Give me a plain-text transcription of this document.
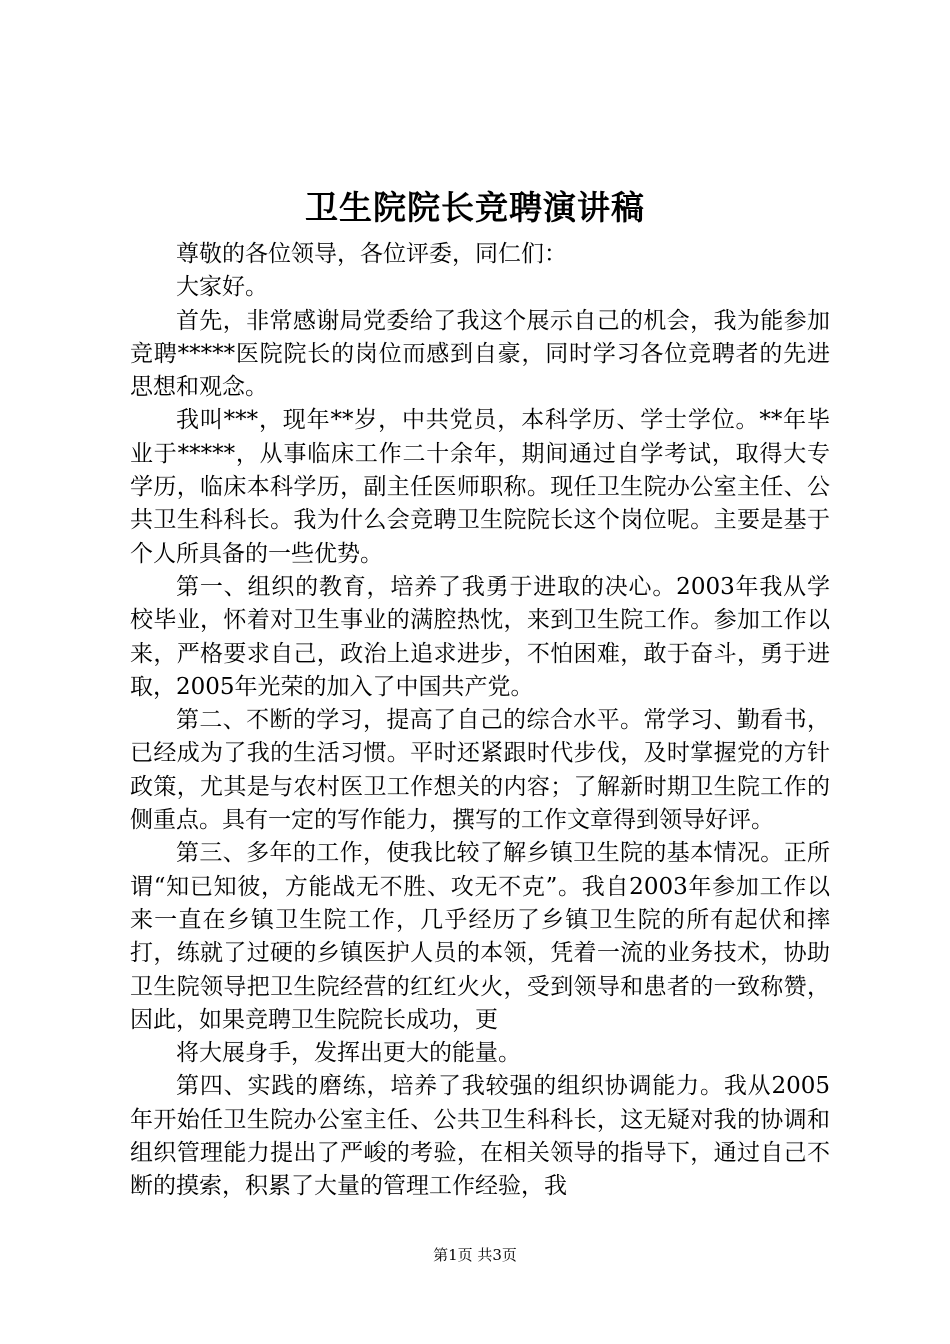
卫生院院长竞聘演讲稿

尊敬的各位领导，各位评委，同仁们：

大家好。

首先，非常感谢局党委给了我这个展示自己的机会，我为能参加竞聘*****医院院长的岗位而感到自豪，同时学习各位竞聘者的先进思想和观念。

我叫***，现年**岁，中共党员，本科学历、学士学位。**年毕业于*****，从事临床工作二十余年，期间通过自学考试，取得大专学历，临床本科学历，副主任医师职称。现任卫生院办公室主任、公共卫生科科长。我为什么会竞聘卫生院院长这个岗位呢。主要是基于个人所具备的一些优势。

第一、组织的教育，培养了我勇于进取的决心。2003年我从学校毕业，怀着对卫生事业的满腔热忱，来到卫生院工作。参加工作以来，严格要求自己，政治上追求进步，不怕困难，敢于奋斗，勇于进取，2005年光荣的加入了中国共产党。

第二、不断的学习，提高了自己的综合水平。常学习、勤看书，已经成为了我的生活习惯。平时还紧跟时代步伐，及时掌握党的方针政策，尤其是与农村医卫工作想关的内容；了解新时期卫生院工作的侧重点。具有一定的写作能力，撰写的工作文章得到领导好评。

第三、多年的工作，使我比较了解乡镇卫生院的基本情况。正所谓“知已知彼，方能战无不胜、攻无不克”。我自2003年参加工作以来一直在乡镇卫生院工作，几乎经历了乡镇卫生院的所有起伏和摔打，练就了过硬的乡镇医护人员的本领，凭着一流的业务技术，协助卫生院领导把卫生院经营的红红火火，受到领导和患者的一致称赞，因此，如果竞聘卫生院院长成功，更

将大展身手，发挥出更大的能量。

第四、实践的磨练，培养了我较强的组织协调能力。我从2005年开始任卫生院办公室主任、公共卫生科科长，这无疑对我的协调和组织管理能力提出了严峻的考验，在相关领导的指导下，通过自己不断的摸索，积累了大量的管理工作经验，我

第1页 共3页
